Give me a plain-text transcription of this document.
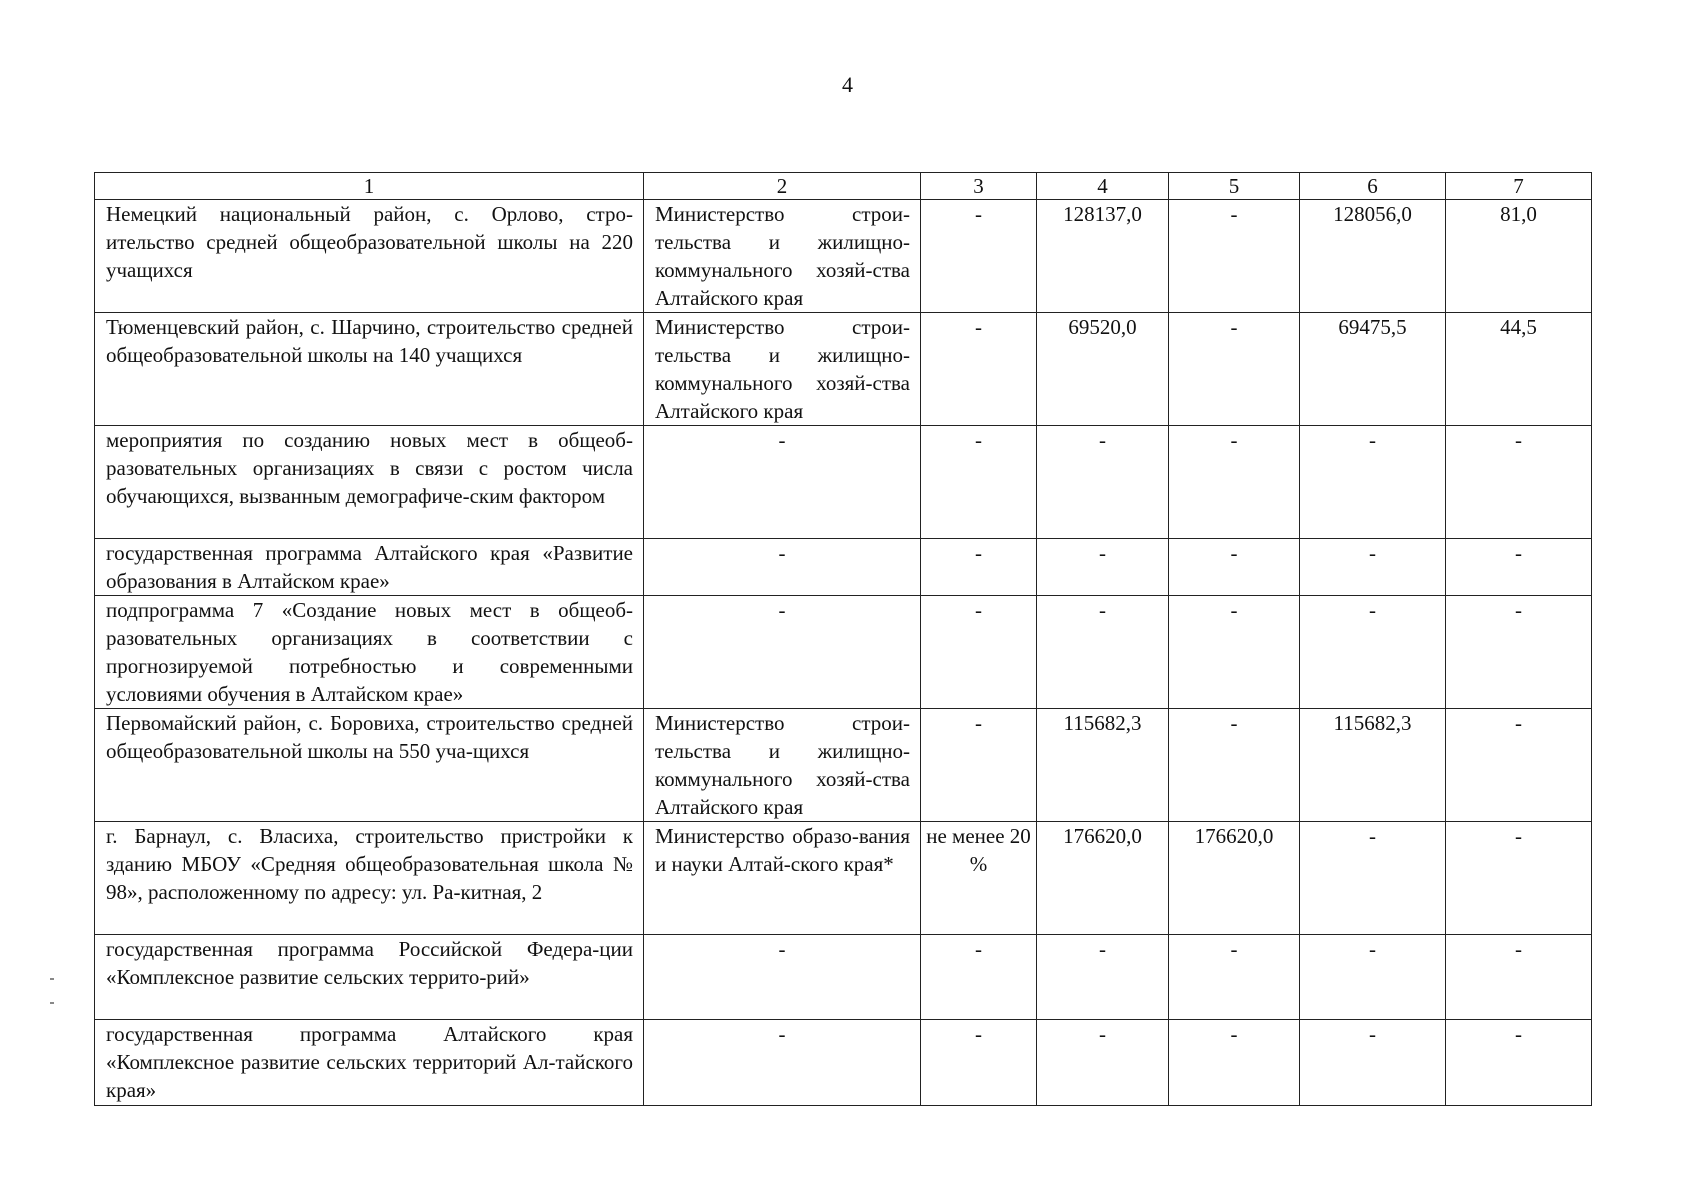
4
1	2	3	4	5	6	7
Немецкий национальный район, с. Орлово, стро-ительство средней общеобразовательной школы на 220 учащихся	Министерство строи-тельства и жилищно-коммунального хозяй-ства Алтайского края	-	128137,0	-	128056,0	81,0
Тюменцевский район, с. Шарчино, строительство средней общеобразовательной школы на 140 учащихся	Министерство строи-тельства и жилищно-коммунального хозяй-ства Алтайского края	-	69520,0	-	69475,5	44,5
мероприятия по созданию новых мест в общеоб-разовательных организациях в связи с ростом числа обучающихся, вызванным демографиче-ским фактором	-	-	-	-	-	-
государственная программа Алтайского края «Развитие образования в Алтайском крае»	-	-	-	-	-	-
подпрограмма 7 «Создание новых мест в общеоб-разовательных организациях в соответствии с прогнозируемой потребностью и современными условиями обучения в Алтайском крае»	-	-	-	-	-	-
Первомайский район, с. Боровиха, строительство средней общеобразовательной школы на 550 уча-щихся	Министерство строи-тельства и жилищно-коммунального хозяй-ства Алтайского края	-	115682,3	-	115682,3	-
г. Барнаул, с. Власиха, строительство пристройки к зданию МБОУ «Средняя общеобразовательная школа № 98», расположенному по адресу: ул. Ра-китная, 2	Министерство образо-вания и науки Алтай-ского края*	не менее 20 %	176620,0	176620,0	-	-
государственная программа Российской Федера-ции «Комплексное развитие сельских террито-рий»	-	-	-	-	-	-
государственная программа Алтайского края «Комплексное развитие сельских территорий Ал-тайского края»	-	-	-	-	-	-
